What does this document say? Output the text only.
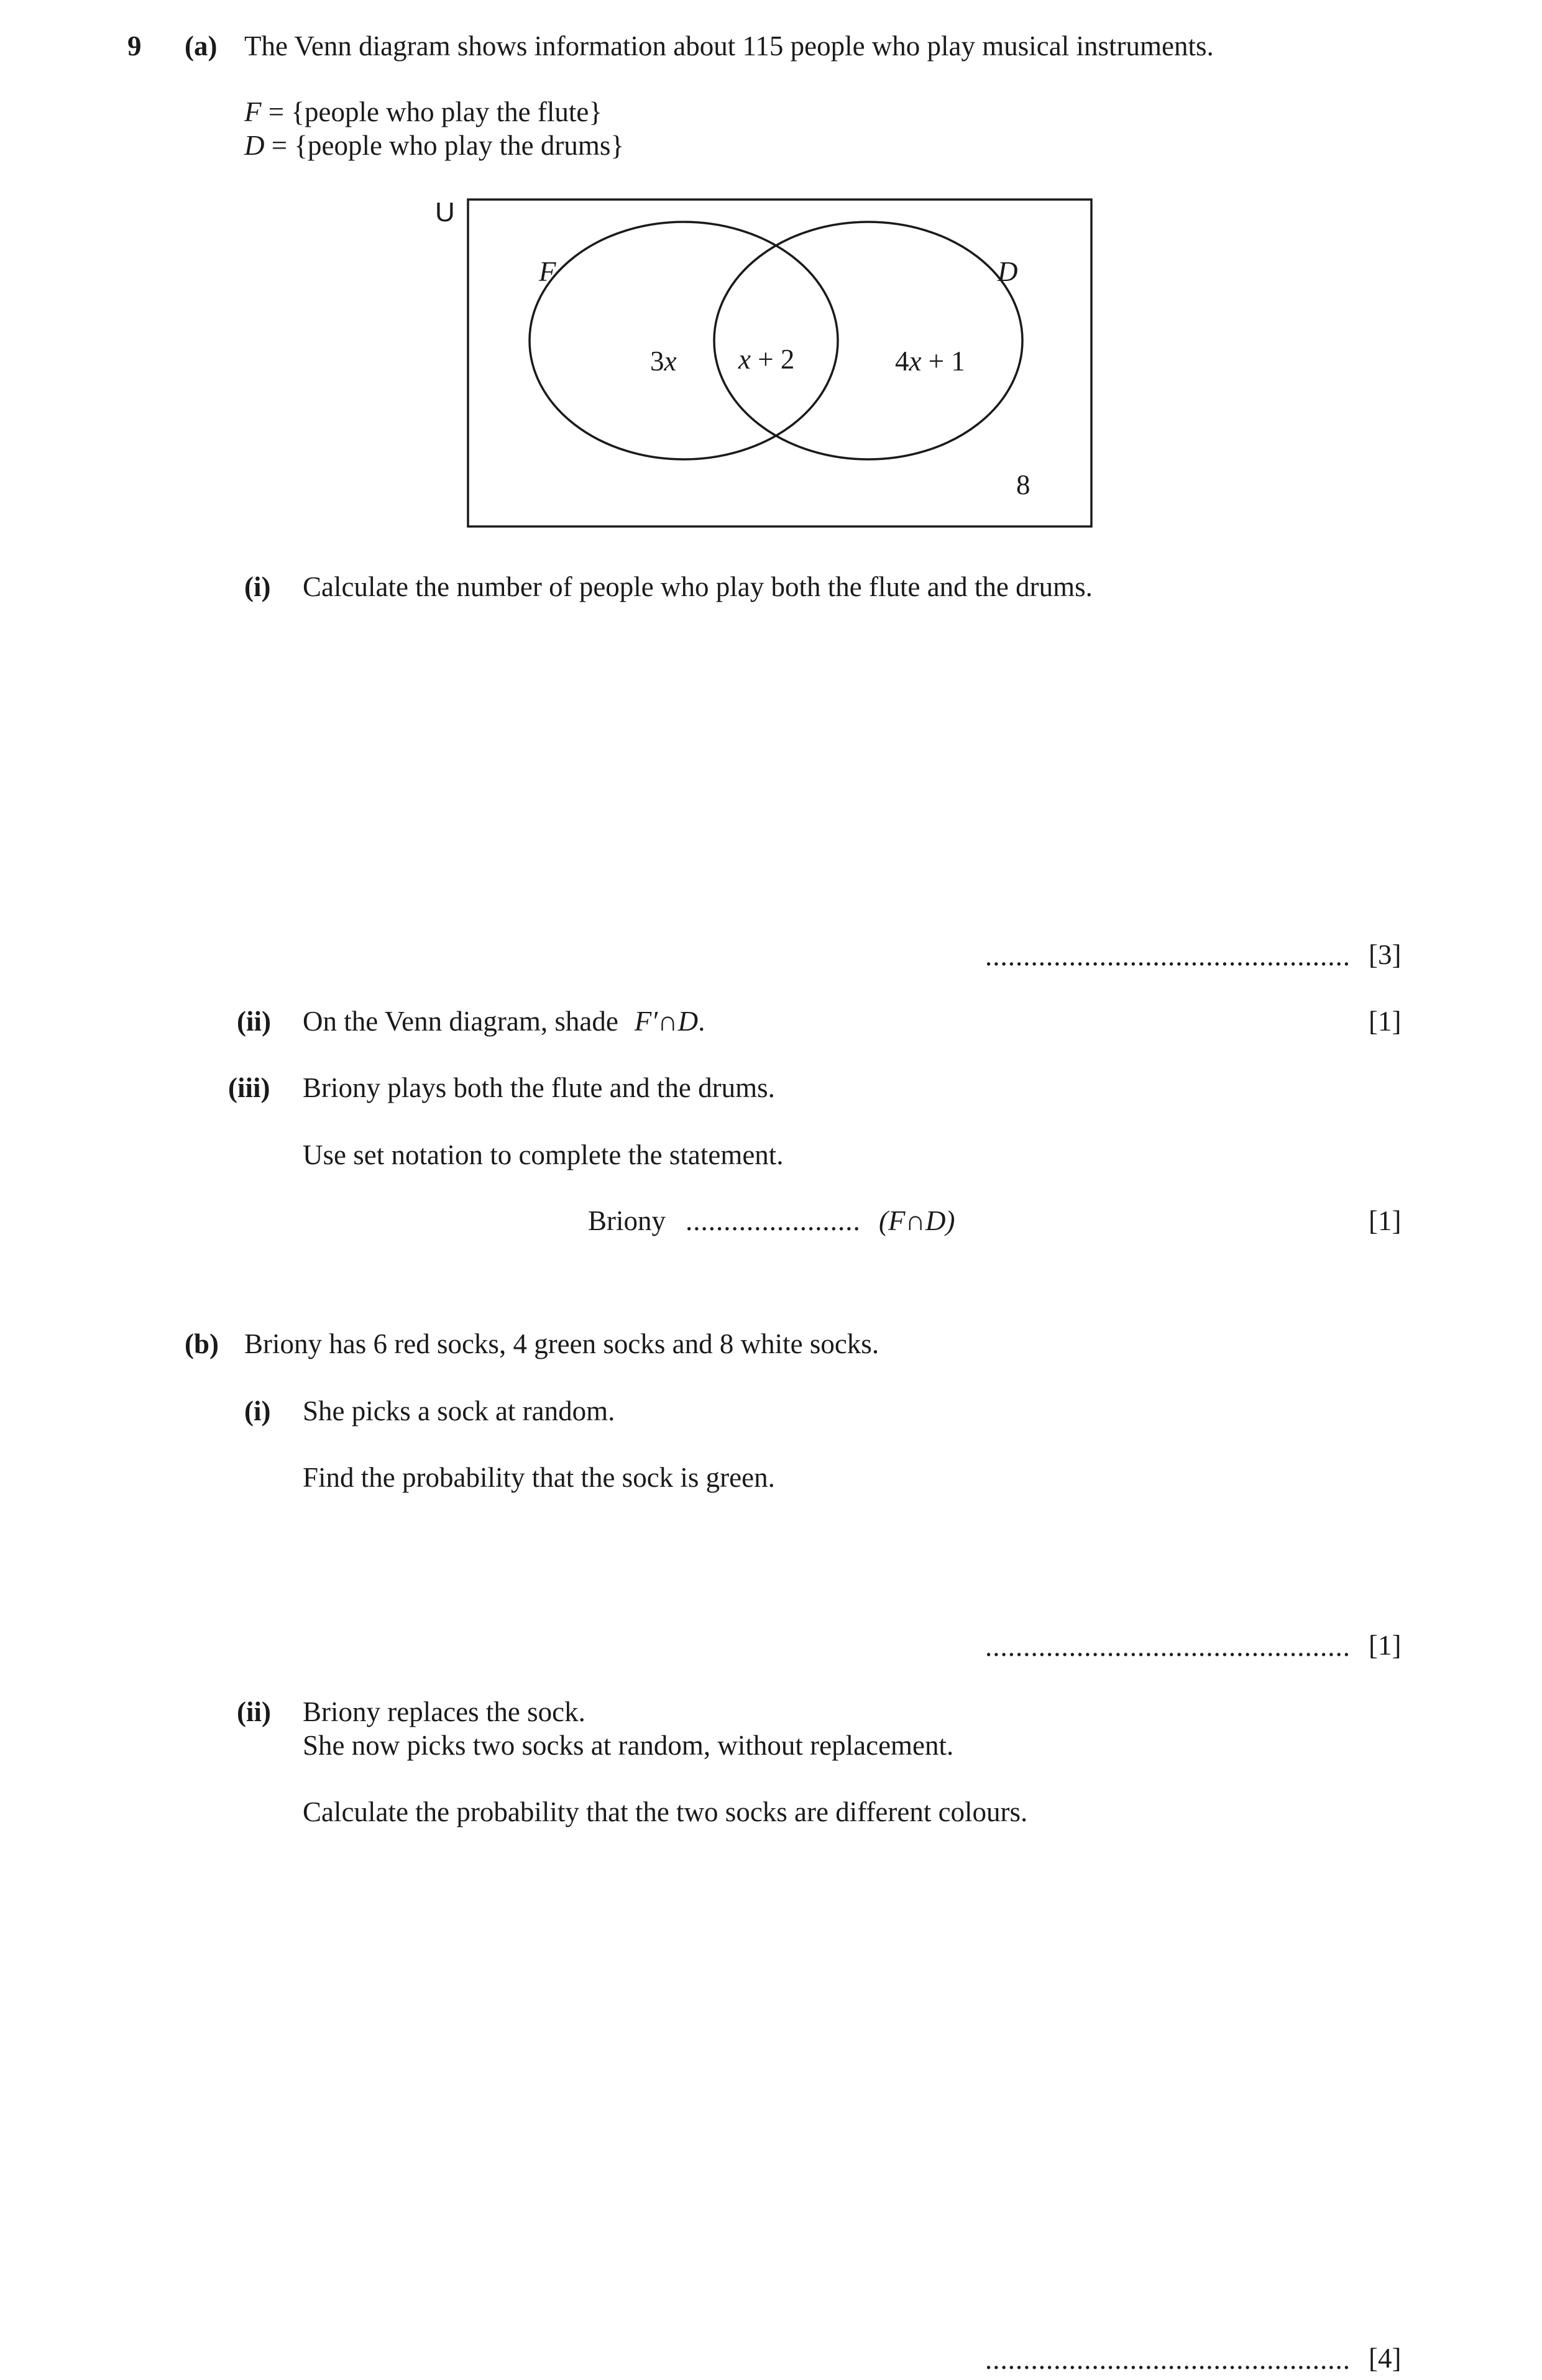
9 (a) The Venn diagram shows information about 115 people who play musical instruments.
F = {people who play the flute}
D = {people who play the drums}
U
F	D
3x x + 2	4x + 1
8
(i) Calculate the number of people who play both the flute and the drums.
................................................ [3]
(ii) On the Venn diagram, shade F′∩D.	[1]
(iii) Briony plays both the flute and the drums.
Use set notation to complete the statement.
Briony ....................... (F∩D)	[1]
(b) Briony has 6 red socks, 4 green socks and 8 white socks.
(i) She picks a sock at random.
Find the probability that the sock is green.
................................................ [1]
(ii) Briony replaces the sock.
She now picks two socks at random, without replacement.
Calculate the probability that the two socks are different colours.
................................................ [4]
